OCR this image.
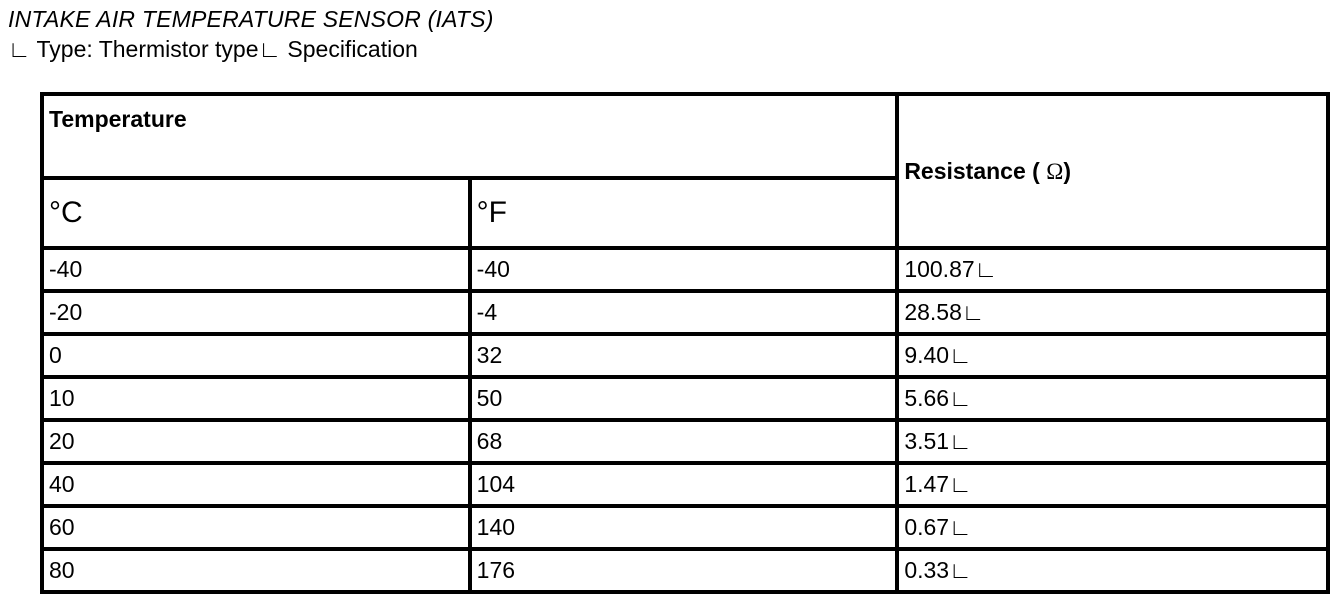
INTAKE AIR TEMPERATURE SENSOR (IATS)
∟ Type: Thermistor type∟ Specification
Temperature		Resistance ( Ω)
°C	°F	
-40	-40	100.87∟
-20	-4	28.58∟
0	32	9.40∟
10	50	5.66∟
20	68	3.51∟
40	104	1.47∟
60	140	0.67∟
80	176	0.33∟
